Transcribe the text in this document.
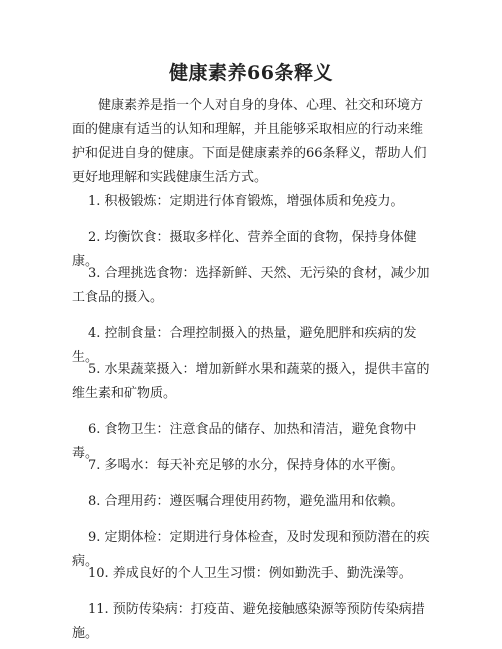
健康素养66条释义

健康素养是指一个人对自身的身体、心理、社交和环境方面的健康有适当的认知和理解，并且能够采取相应的行动来维护和促进自身的健康。下面是健康素养的66条释义，帮助人们更好地理解和实践健康生活方式。

1. 积极锻炼：定期进行体育锻炼，增强体质和免疫力。

2. 均衡饮食：摄取多样化、营养全面的食物，保持身体健康。

3. 合理挑选食物：选择新鲜、天然、无污染的食材，减少加工食品的摄入。

4. 控制食量：合理控制摄入的热量，避免肥胖和疾病的发生。

5. 水果蔬菜摄入：增加新鲜水果和蔬菜的摄入，提供丰富的维生素和矿物质。

6. 食物卫生：注意食品的储存、加热和清洁，避免食物中毒。

7. 多喝水：每天补充足够的水分，保持身体的水平衡。

8. 合理用药：遵医嘱合理使用药物，避免滥用和依赖。

9. 定期体检：定期进行身体检查，及时发现和预防潜在的疾病。

10. 养成良好的个人卫生习惯：例如勤洗手、勤洗澡等。

11. 预防传染病：打疫苗、避免接触感染源等预防传染病措施。
